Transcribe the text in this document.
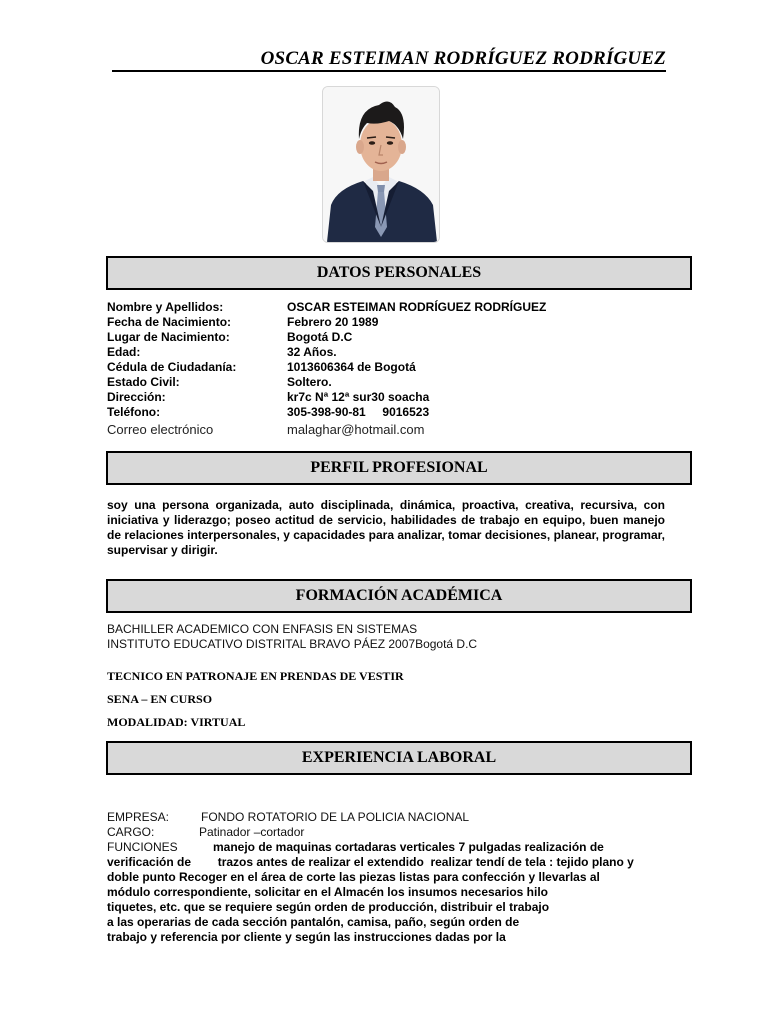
OSCAR ESTEIMAN RODRÍGUEZ RODRÍGUEZ
DATOS PERSONALES
Nombre y Apellidos:	OSCAR ESTEIMAN RODRÍGUEZ RODRÍGUEZ
Fecha de Nacimiento:	Febrero 20 1989
Lugar de Nacimiento:	Bogotá D.C
Edad:	32 Años.
Cédula de Ciudadanía:	1013606364 de Bogotá
Estado Civil:	Soltero.
Dirección:	kr7c Nª 12ª sur30 soacha
Teléfono:	305-398-90-81     9016523
Correo electrónico	malaghar@hotmail.com
PERFIL PROFESIONAL
soy una persona organizada, auto disciplinada, dinámica, proactiva, creativa, recursiva, con iniciativa y liderazgo; poseo actitud de servicio, habilidades de trabajo en equipo, buen manejo de relaciones interpersonales, y capacidades para analizar, tomar decisiones, planear, programar, supervisar y dirigir.
FORMACIÓN ACADÉMICA
BACHILLER ACADEMICO CON ENFASIS EN SISTEMAS
INSTITUTO EDUCATIVO DISTRITAL BRAVO PÁEZ 2007Bogotá D.C
TECNICO EN PATRONAJE EN PRENDAS DE VESTIR
SENA – EN CURSO
MODALIDAD: VIRTUAL
EXPERIENCIA LABORAL
EMPRESA:	FONDO ROTATORIO DE LA POLICIA NACIONAL
CARGO:	Patinador –cortador
FUNCIONES	manejo de maquinas cortadaras verticales 7 pulgadas realización de
verificación de        trazos antes de realizar el extendido  realizar tendí de tela : tejido plano y
doble punto Recoger en el área de corte las piezas listas para confección y llevarlas al
módulo correspondiente, solicitar en el Almacén los insumos necesarios hilo
tiquetes, etc. que se requiere según orden de producción, distribuir el trabajo
a las operarias de cada sección pantalón, camisa, paño, según orden de
trabajo y referencia por cliente y según las instrucciones dadas por la
